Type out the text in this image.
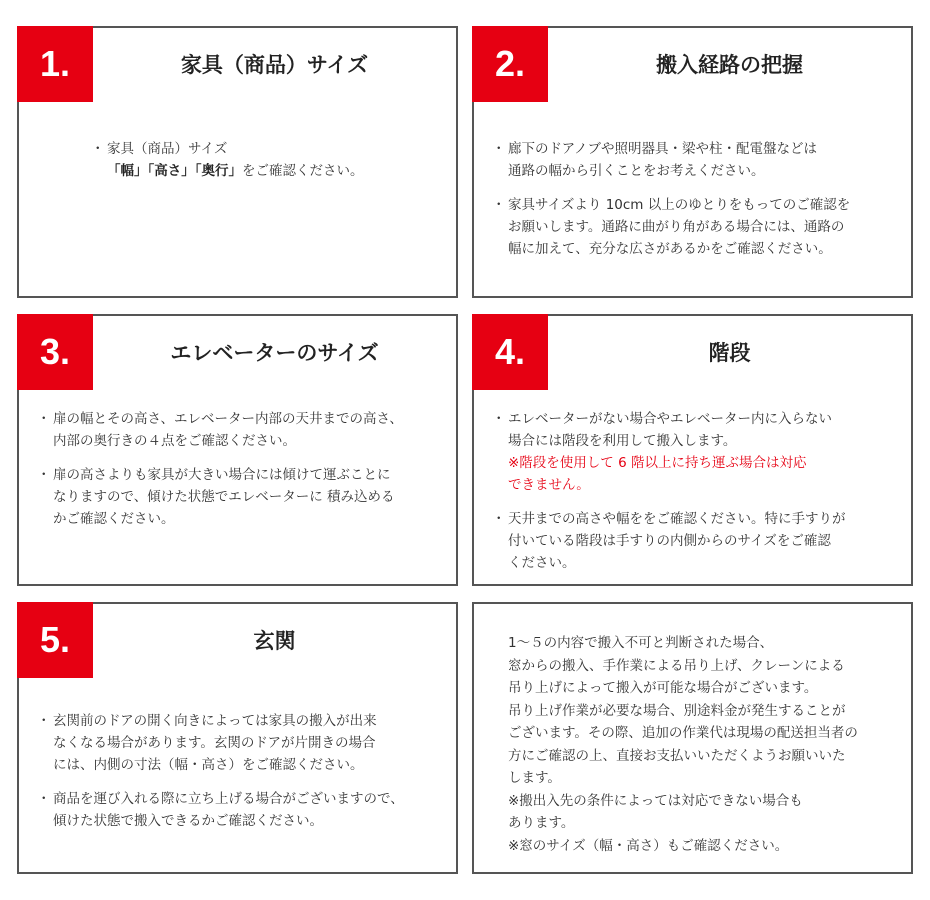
1.	家具（商品）サイズ
・ 家具（商品）サイズ
「幅」「高さ」「奥行」をご確認ください。
2.	搬入経路の把握
・ 廊下のドアノブや照明器具・梁や柱・配電盤などは
通路の幅から引くことをお考えください。
・ 家具サイズより 10cm 以上のゆとりをもってのご確認を
お願いします。通路に曲がり角がある場合には、通路の
幅に加えて、充分な広さがあるかをご確認ください。
3.	エレベーターのサイズ
・ 扉の幅とその高さ、エレベーター内部の天井までの高さ、
内部の奥行きの４点をご確認ください。
・ 扉の高さよりも家具が大きい場合には傾けて運ぶことに
なりますので、傾けた状態でエレベーターに 積み込める
かご確認ください。
4.	階段
・ エレベーターがない場合やエレベーター内に入らない
場合には階段を利用して搬入します。
※階段を使用して 6 階以上に持ち運ぶ場合は対応
できません。
・ 天井までの高さや幅ををご確認ください。特に手すりが
付いている階段は手すりの内側からのサイズをご確認
ください。
5.	玄関
・ 玄関前のドアの開く向きによっては家具の搬入が出来
なくなる場合があります。玄関のドアが片開きの場合
には、内側の寸法（幅・高さ）をご確認ください。
・ 商品を運び入れる際に立ち上げる場合がございますので、
傾けた状態で搬入できるかご確認ください。
1～５の内容で搬入不可と判断された場合、
窓からの搬入、手作業による吊り上げ、クレーンによる
吊り上げによって搬入が可能な場合がございます。
吊り上げ作業が必要な場合、別途料金が発生することが
ございます。その際、追加の作業代は現場の配送担当者の
方にご確認の上、直接お支払いいただくようお願いいた
します。
※搬出入先の条件によっては対応できない場合も
あります。
※窓のサイズ（幅・高さ）もご確認ください。
